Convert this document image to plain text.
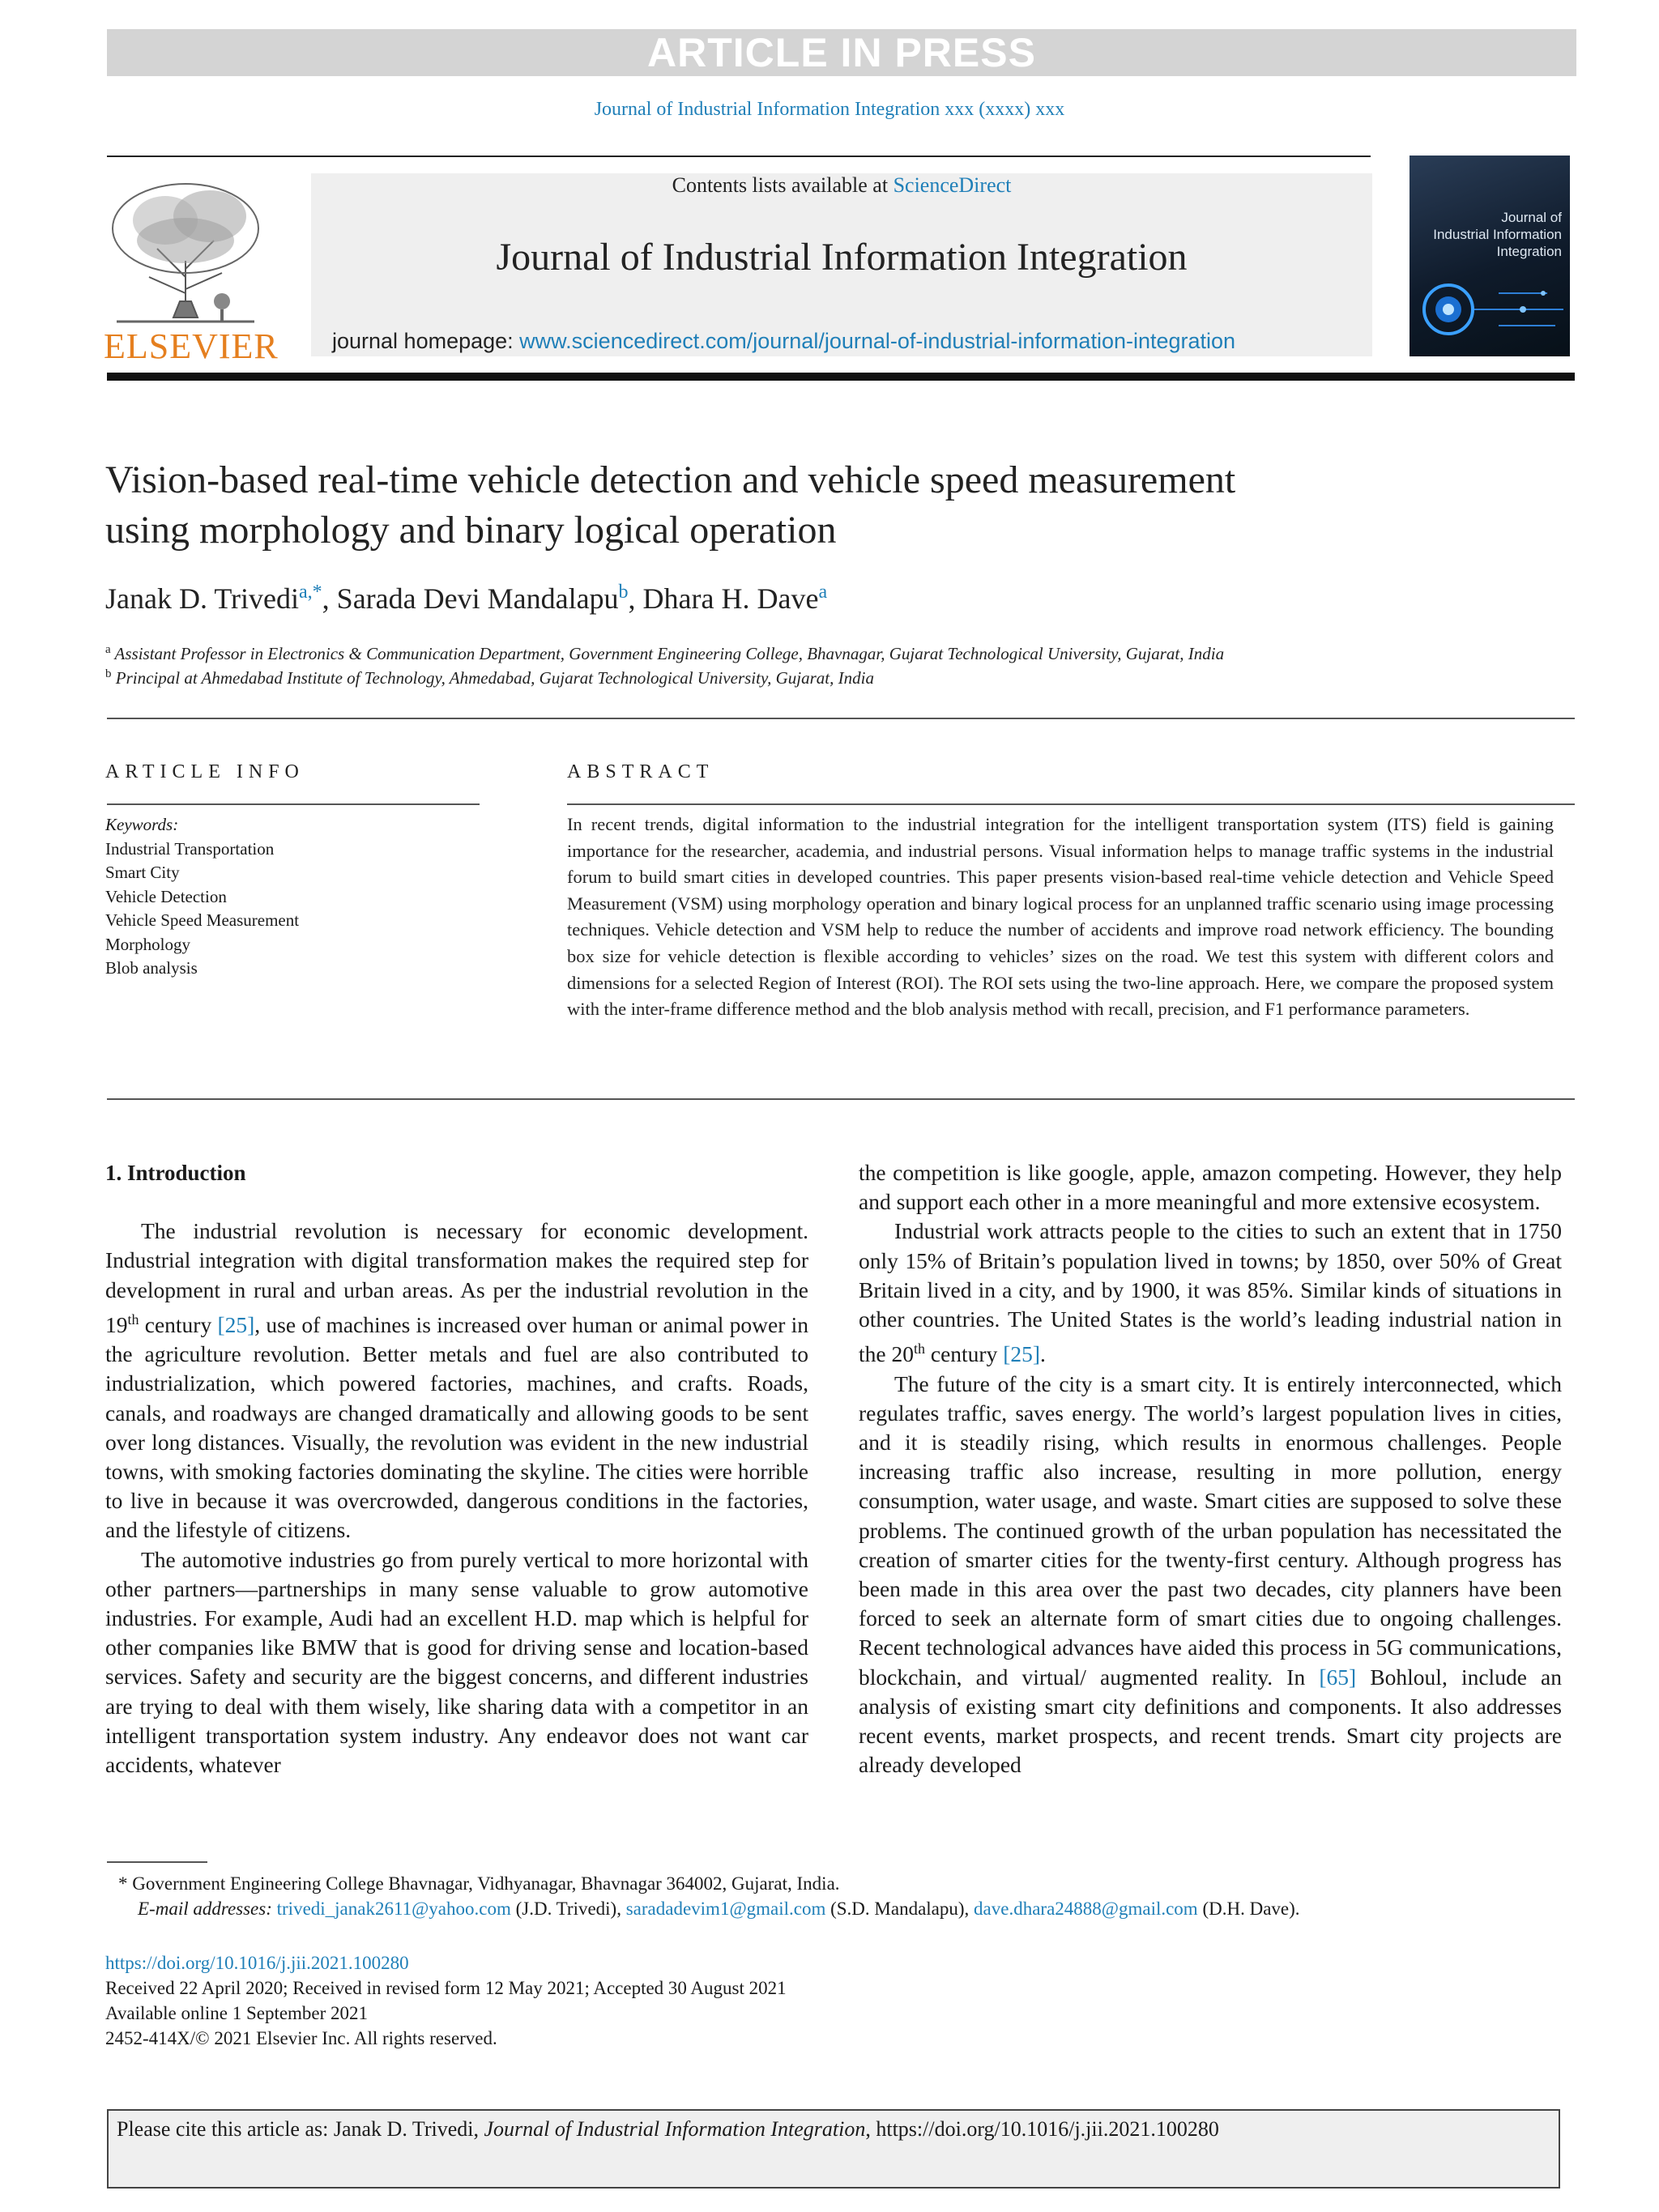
ARTICLE IN PRESS
Journal of Industrial Information Integration xxx (xxxx) xxx
ELSEVIER
Contents lists available at ScienceDirect
Journal of Industrial Information Integration
journal homepage: www.sciencedirect.com/journal/journal-of-industrial-information-integration
Journal of
Industrial Information
Integration
Vision-based real-time vehicle detection and vehicle speed measurement
using morphology and binary logical operation
Janak D. Trivedi$^{a,*}$, Sarada Devi Mandalapu$^b$, Dhara H. Dave$^a$
$^a$ Assistant Professor in Electronics & Communication Department, Government Engineering College, Bhavnagar, Gujarat Technological University, Gujarat, India
$^b$ Principal at Ahmedabad Institute of Technology, Ahmedabad, Gujarat Technological University, Gujarat, India
ARTICLE INFO
Keywords:
Industrial Transportation
Smart City
Vehicle Detection
Vehicle Speed Measurement
Morphology
Blob analysis
ABSTRACT
In recent trends, digital information to the industrial integration for the intelligent transportation system (ITS) field is gaining importance for the researcher, academia, and industrial persons. Visual information helps to manage traffic systems in the industrial forum to build smart cities in developed countries. This paper presents vision-based real-time vehicle detection and Vehicle Speed Measurement (VSM) using morphology operation and binary logical process for an unplanned traffic scenario using image processing techniques. Vehicle detection and VSM help to reduce the number of accidents and improve road network efficiency. The bounding box size for vehicle detection is flexible according to vehicles’ sizes on the road. We test this system with different colors and dimensions for a selected Region of Interest (ROI). The ROI sets using the two-line approach. Here, we compare the proposed system with the inter-frame difference method and the blob analysis method with recall, precision, and F1 performance parameters.
1. Introduction

The industrial revolution is necessary for economic development. Industrial integration with digital transformation makes the required step for development in rural and urban areas. As per the industrial revolution in the 19th century [25], use of machines is increased over human or animal power in the agriculture revolution. Better metals and fuel are also contributed to industrialization, which powered factories, machines, and crafts. Roads, canals, and roadways are changed dramatically and allowing goods to be sent over long distances. Visually, the revolution was evident in the new industrial towns, with smoking factories dominating the skyline. The cities were horrible to live in because it was overcrowded, dangerous conditions in the factories, and the lifestyle of citizens.

The automotive industries go from purely vertical to more horizontal with other partners—partnerships in many sense valuable to grow automotive industries. For example, Audi had an excellent H.D. map which is helpful for other companies like BMW that is good for driving sense and location-based services. Safety and security are the biggest concerns, and different industries are trying to deal with them wisely, like sharing data with a competitor in an intelligent transportation system industry. Any endeavor does not want car accidents, whatever

the competition is like google, apple, amazon competing. However, they help and support each other in a more meaningful and more extensive ecosystem.

Industrial work attracts people to the cities to such an extent that in 1750 only 15% of Britain’s population lived in towns; by 1850, over 50% of Great Britain lived in a city, and by 1900, it was 85%. Similar kinds of situations in other countries. The United States is the world’s leading industrial nation in the 20th century [25].

The future of the city is a smart city. It is entirely interconnected, which regulates traffic, saves energy. The world’s largest population lives in cities, and it is steadily rising, which results in enormous challenges. People increasing traffic also increase, resulting in more pollution, energy consumption, water usage, and waste. Smart cities are supposed to solve these problems. The continued growth of the urban population has necessitated the creation of smarter cities for the twenty-first century. Although progress has been made in this area over the past two decades, city planners have been forced to seek an alternate form of smart cities due to ongoing challenges. Recent technological advances have aided this process in 5G communications, blockchain, and virtual/ augmented reality. In [65] Bohloul, include an analysis of existing smart city definitions and components. It also addresses recent events, market prospects, and recent trends. Smart city projects are already developed

* Government Engineering College Bhavnagar, Vidhyanagar, Bhavnagar 364002, Gujarat, India.
E-mail addresses: trivedi_janak2611@yahoo.com (J.D. Trivedi), saradadevim1@gmail.com (S.D. Mandalapu), dave.dhara24888@gmail.com (D.H. Dave).
https://doi.org/10.1016/j.jii.2021.100280
Received 22 April 2020; Received in revised form 12 May 2021; Accepted 30 August 2021
Available online 1 September 2021
2452-414X/© 2021 Elsevier Inc. All rights reserved.
Please cite this article as: Janak D. Trivedi, Journal of Industrial Information Integration, https://doi.org/10.1016/j.jii.2021.100280
